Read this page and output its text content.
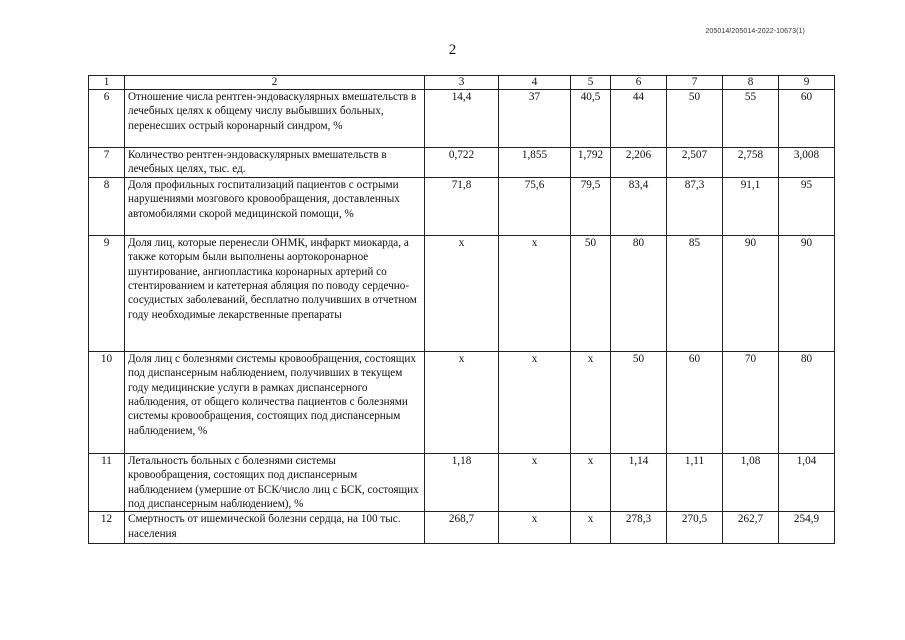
205014/205014-2022-10673(1)
2
1	2	3	4	5	6	7	8	9
6	Отношение числа рентген-эндоваскулярных вмешательств в лечебных целях к общему числу выбывших больных, перенесших острый коронарный синдром, %	14,4	37	40,5	44	50	55	60
7	Количество рентген-эндоваскулярных вмешательств в лечебных целях, тыс. ед.	0,722	1,855	1,792	2,206	2,507	2,758	3,008
8	Доля профильных госпитализаций пациентов с острыми нарушениями мозгового кровообращения, доставленных автомобилями скорой медицинской помощи, %	71,8	75,6	79,5	83,4	87,3	91,1	95
9	Доля лиц, которые перенесли ОНМК, инфаркт миокарда, а также которым были выполнены аортокоронарное шунтирование, ангиопластика коронарных артерий со стентированием и катетерная абляция по поводу сердечно-сосудистых заболеваний, бесплатно получивших в отчетном году необходимые лекарственные препараты	х	х	50	80	85	90	90
10	Доля лиц с болезнями системы кровообращения, состоящих под диспансерным наблюдением, получивших в текущем году медицинские услуги в рамках диспансерного наблюдения, от общего количества пациентов с болезнями системы кровообращения, состоящих под диспансерным наблюдением, %	х	х	х	50	60	70	80
11	Летальность больных с болезнями системы кровообращения, состоящих под диспансерным наблюдением (умершие от БСК/число лиц с БСК, состоящих под диспансерным наблюдением), %	1,18	х	х	1,14	1,11	1,08	1,04
12	Смертность от ишемической болезни сердца, на 100 тыс. населения	268,7	х	х	278,3	270,5	262,7	254,9
